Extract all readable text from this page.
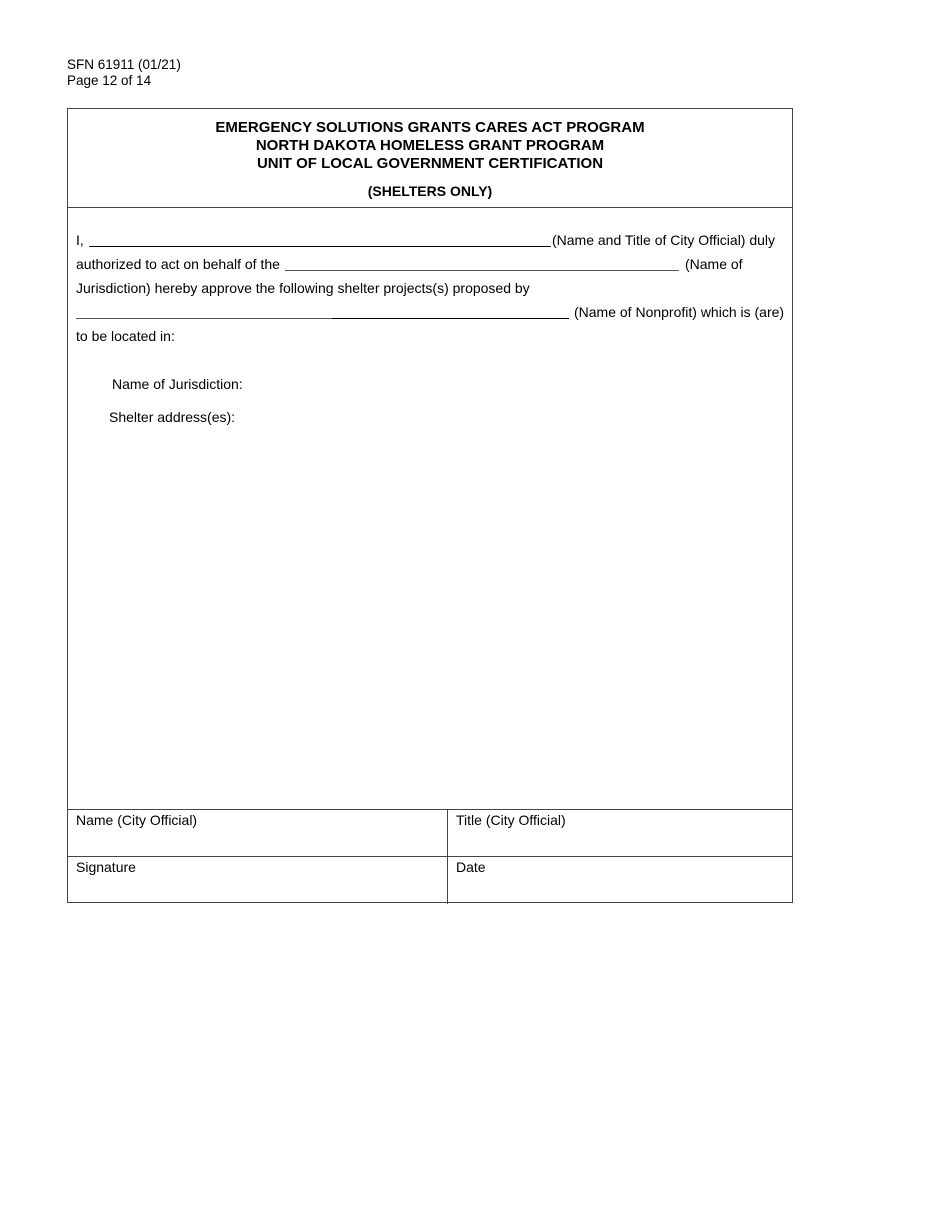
SFN 61911 (01/21)
Page 12 of 14
EMERGENCY SOLUTIONS GRANTS CARES ACT PROGRAM
NORTH DAKOTA HOMELESS GRANT PROGRAM
UNIT OF LOCAL GOVERNMENT CERTIFICATION
(SHELTERS ONLY)
I,	(Name and Title of City Official) duly
authorized to act on behalf of the	(Name of
Jurisdiction) hereby approve the following shelter projects(s) proposed by
(Name of Nonprofit) which is (are)
to be located in:
Name of Jurisdiction:
Shelter address(es):
Name (City Official)	Title (City Official)
Signature	Date
